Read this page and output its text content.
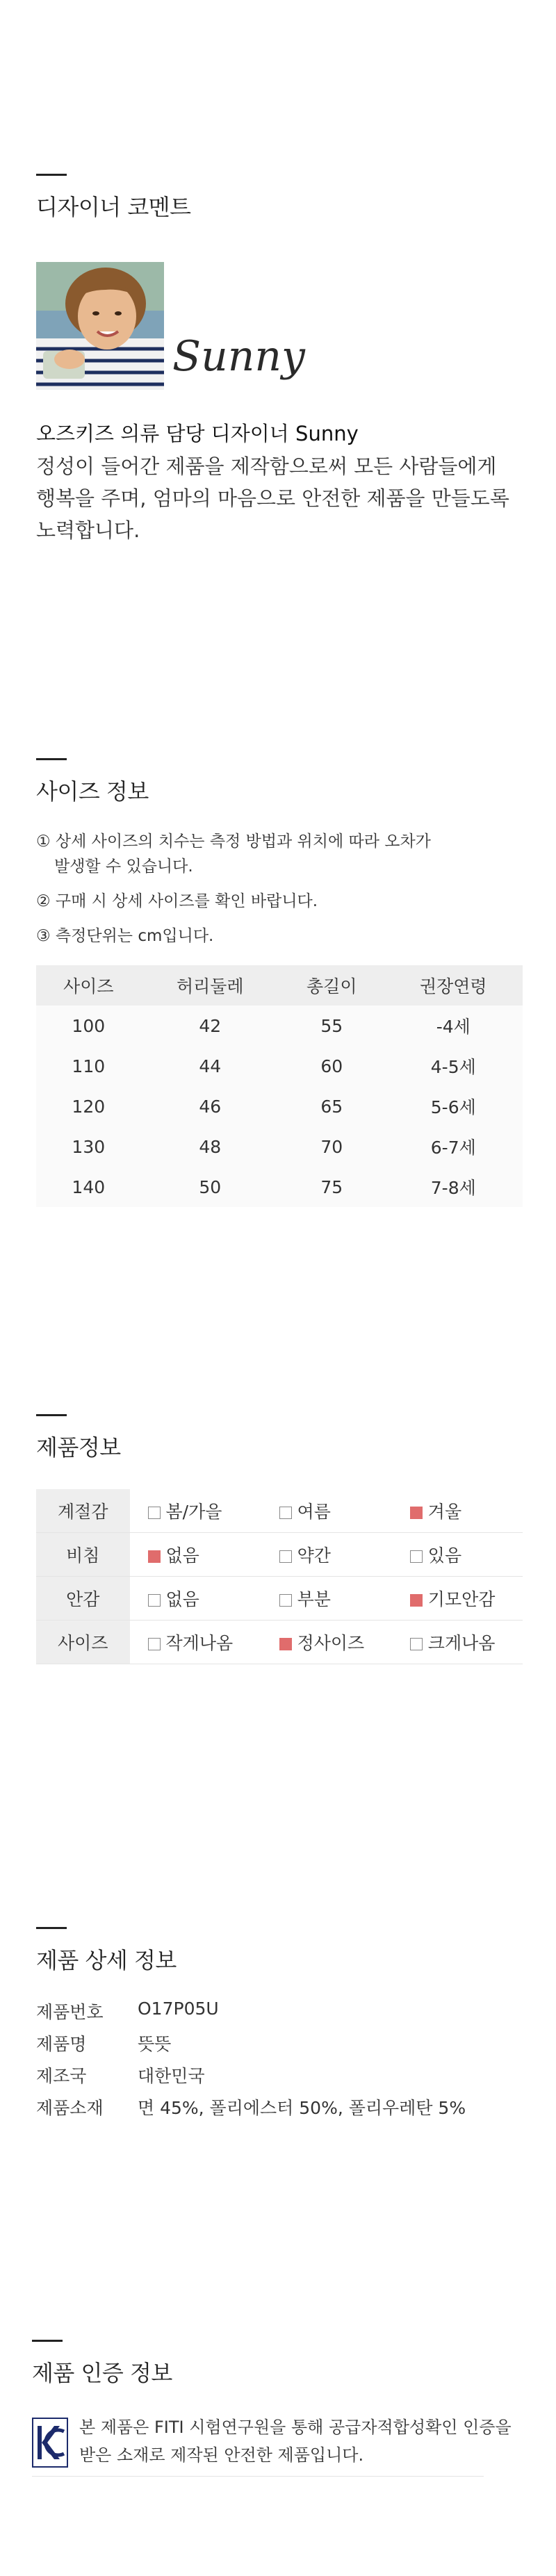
디자이너 코멘트
Sunny
오즈키즈 의류 담당 디자이너 Sunny
정성이 들어간 제품을 제작함으로써 모든 사람들에게
행복을 주며, 엄마의 마음으로 안전한 제품을 만들도록
노력합니다.
사이즈 정보
① 상세 사이즈의 치수는 측정 방법과 위치에 따라 오차가
발생할 수 있습니다.
② 구매 시 상세 사이즈를 확인 바랍니다.
③ 측정단위는 cm입니다.
사이즈	허리둘레	총길이	권장연령
100	42	55	-4세
110	44	60	4-5세
120	46	65	5-6세
130	48	70	6-7세
140	50	75	7-8세
제품정보
계절감	봄/가을	여름	겨울
비침	없음	약간	있음
안감	없음	부분	기모안감
사이즈	작게나옴	정사이즈	크게나옴
제품 상세 정보
제품번호	O17P05U
제품명	뜻뜻
제조국	대한민국
제품소재	면 45%, 폴리에스터 50%, 폴리우레탄 5%
제품 인증 정보
본 제품은 FITI 시험연구원을 통해 공급자적합성확인 인증을
받은 소재로 제작된 안전한 제품입니다.
